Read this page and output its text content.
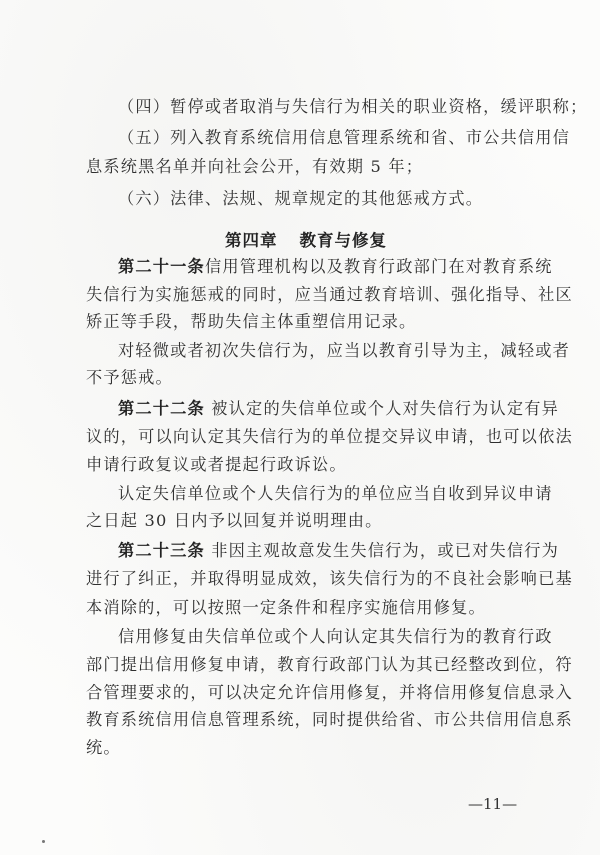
（四）暂停或者取消与失信行为相关的职业资格，缓评职称；
（五）列入教育系统信用信息管理系统和省、市公共信用信
息系统黑名单并向社会公开，有效期 5 年；
（六）法律、法规、规章规定的其他惩戒方式。
第四章 教育与修复
第二十一条信用管理机构以及教育行政部门在对教育系统
失信行为实施惩戒的同时，应当通过教育培训、强化指导、社区
矫正等手段，帮助失信主体重塑信用记录。
对轻微或者初次失信行为，应当以教育引导为主，减轻或者
不予惩戒。
第二十二条 被认定的失信单位或个人对失信行为认定有异
议的，可以向认定其失信行为的单位提交异议申请，也可以依法
申请行政复议或者提起行政诉讼。
认定失信单位或个人失信行为的单位应当自收到异议申请
之日起 30 日内予以回复并说明理由。
第二十三条 非因主观故意发生失信行为，或已对失信行为
进行了纠正，并取得明显成效，该失信行为的不良社会影响已基
本消除的，可以按照一定条件和程序实施信用修复。
信用修复由失信单位或个人向认定其失信行为的教育行政
部门提出信用修复申请，教育行政部门认为其已经整改到位，符
合管理要求的，可以决定允许信用修复，并将信用修复信息录入
教育系统信用信息管理系统，同时提供给省、市公共信用信息系
统。
—11—
